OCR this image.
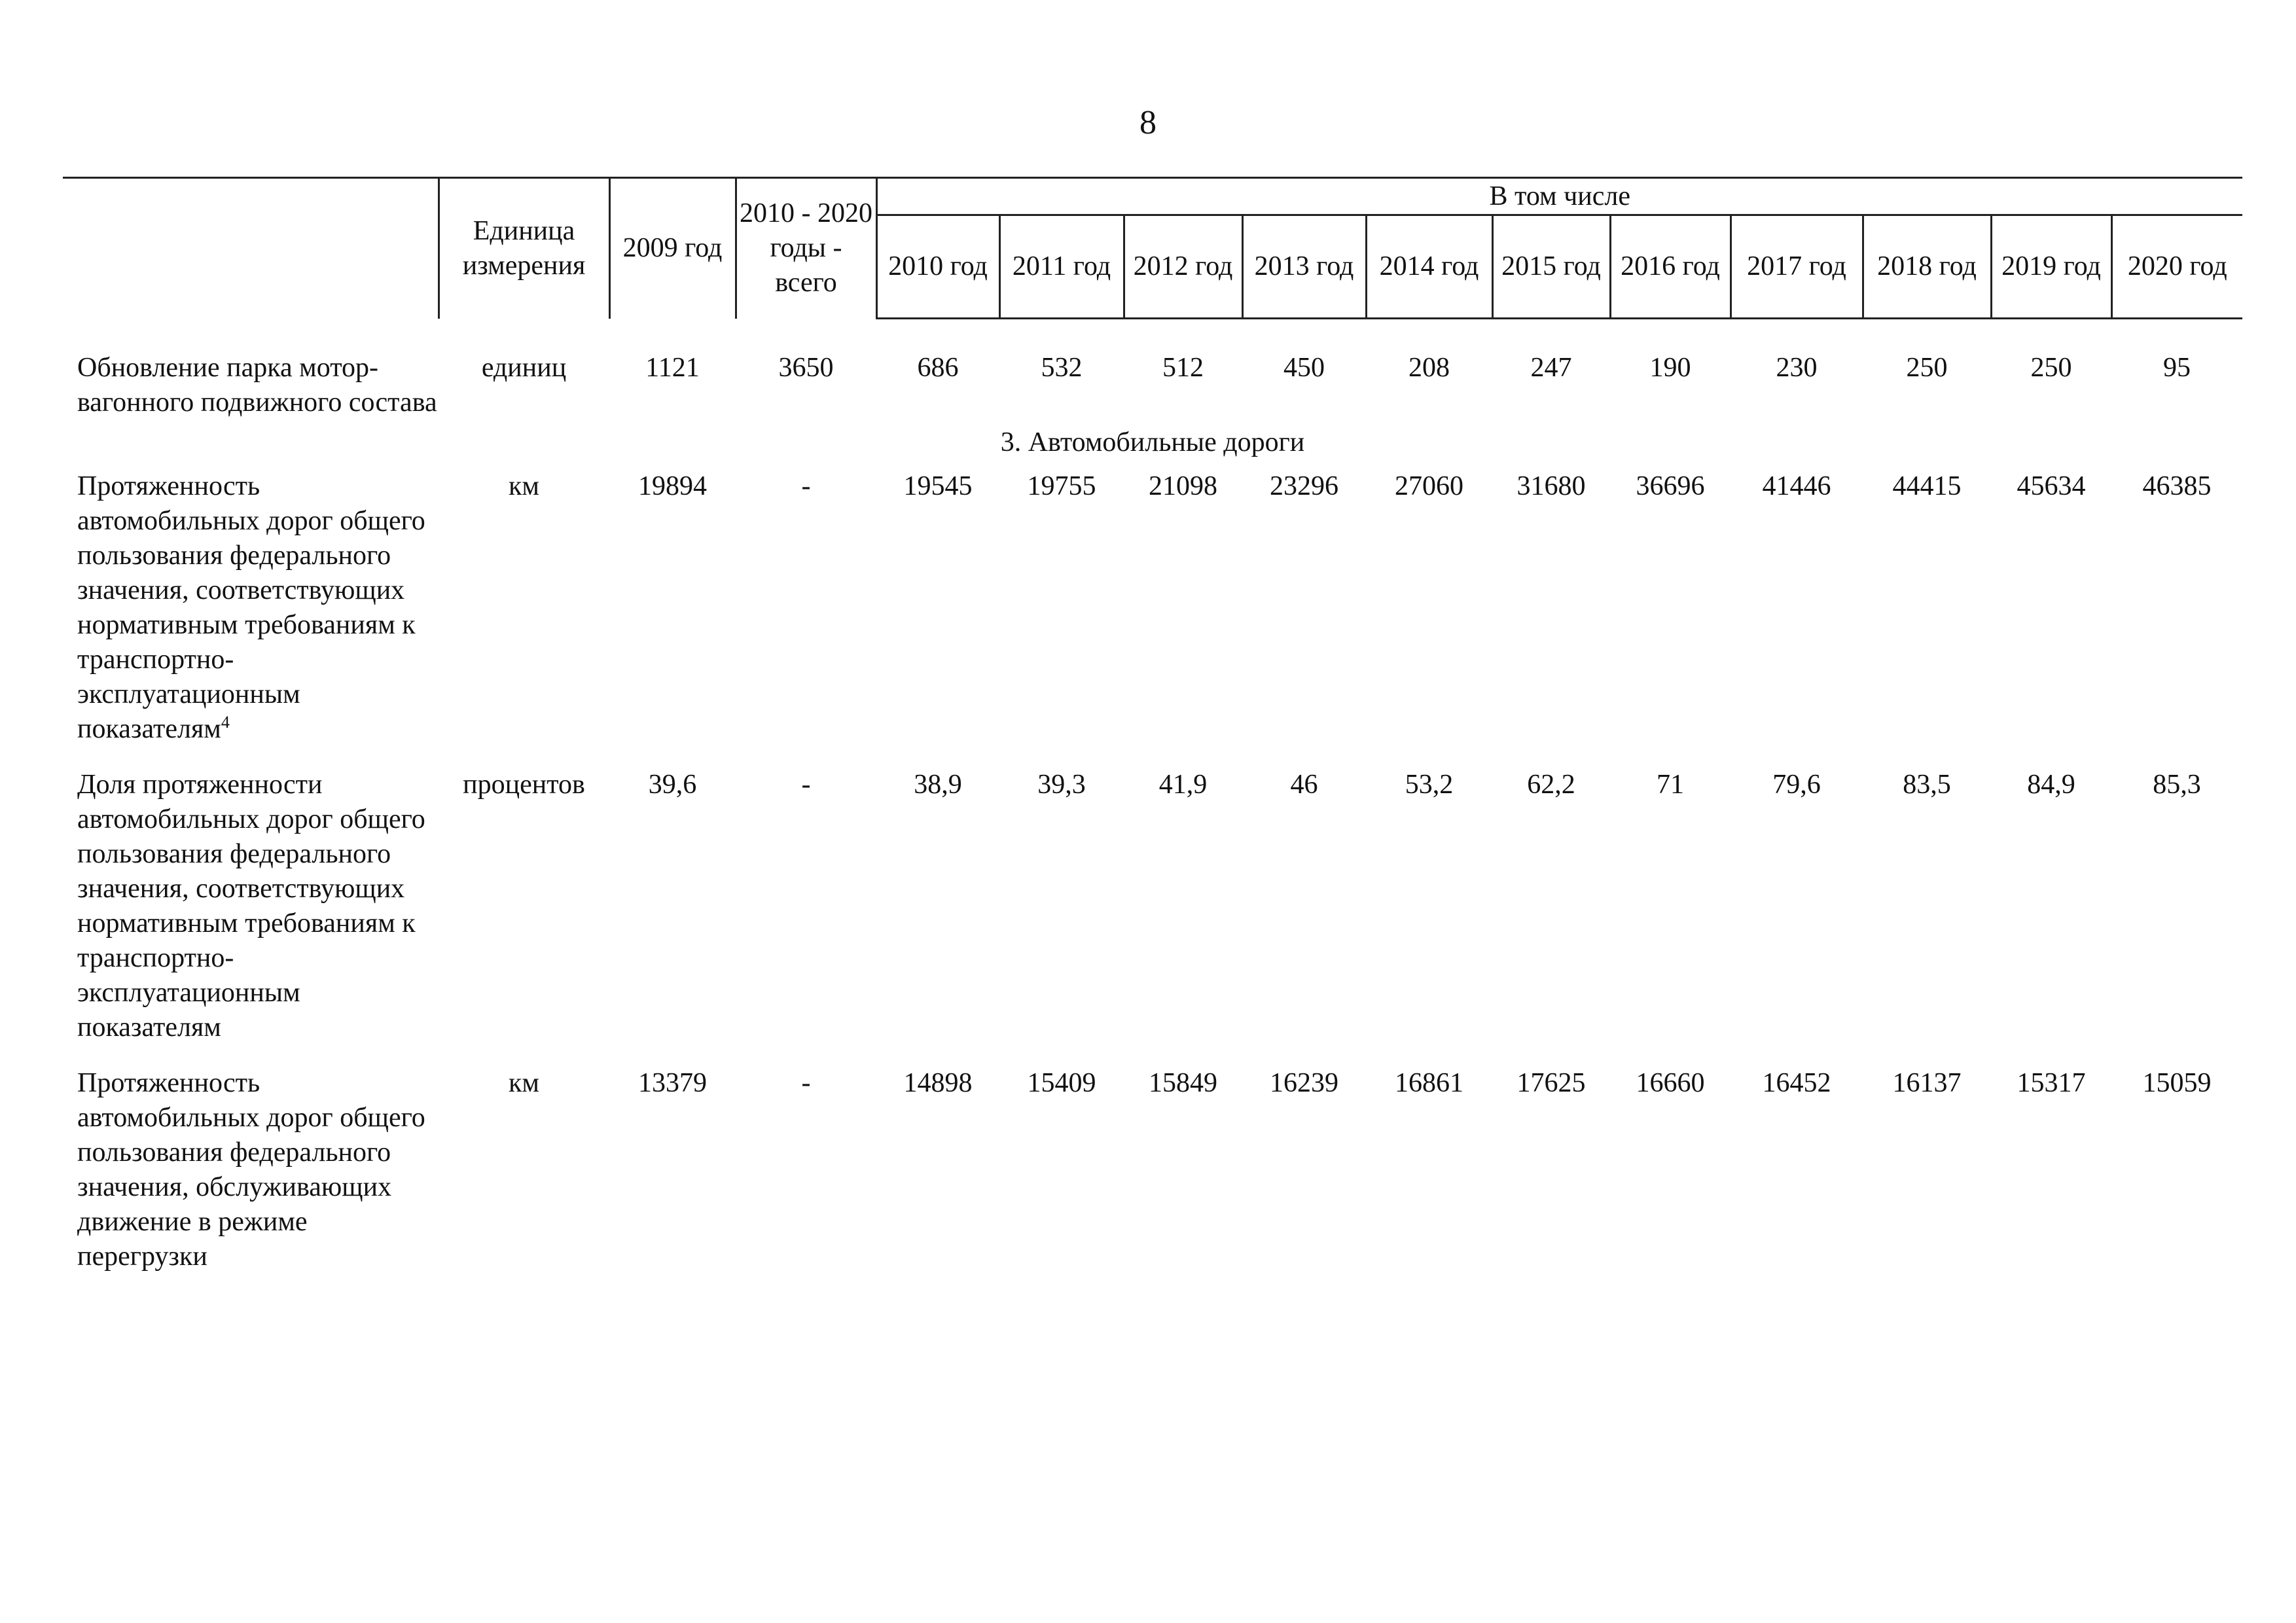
8
	Единица измерения	2009 год	2010 - 2020 годы - всего	В том числе										
				2010 год	2011 год	2012 год	2013 год	2014 год	2015 год	2016 год	2017 год	2018 год	2019 год	2020 год

Обновление парка мотор-вагонного подвижного состава	единиц	1121	3650	686	532	512	450	208	247	190	230	250	250	95
3. Автомобильные дороги														
Протяженность автомобильных дорог общего пользования федерального значения, соответствующих нормативным требованиям к транспортно-эксплуатационным показателям$^4$	км	19894	-	19545	19755	21098	23296	27060	31680	36696	41446	44415	45634	46385
Доля протяженности автомобильных дорог общего пользования федерального значения, соответствующих нормативным требованиям к транспортно-эксплуатационным показателям	процентов	39,6	-	38,9	39,3	41,9	46	53,2	62,2	71	79,6	83,5	84,9	85,3
Протяженность автомобильных дорог общего пользования федерального значения, обслуживающих движение в режиме перегрузки	км	13379	-	14898	15409	15849	16239	16861	17625	16660	16452	16137	15317	15059
